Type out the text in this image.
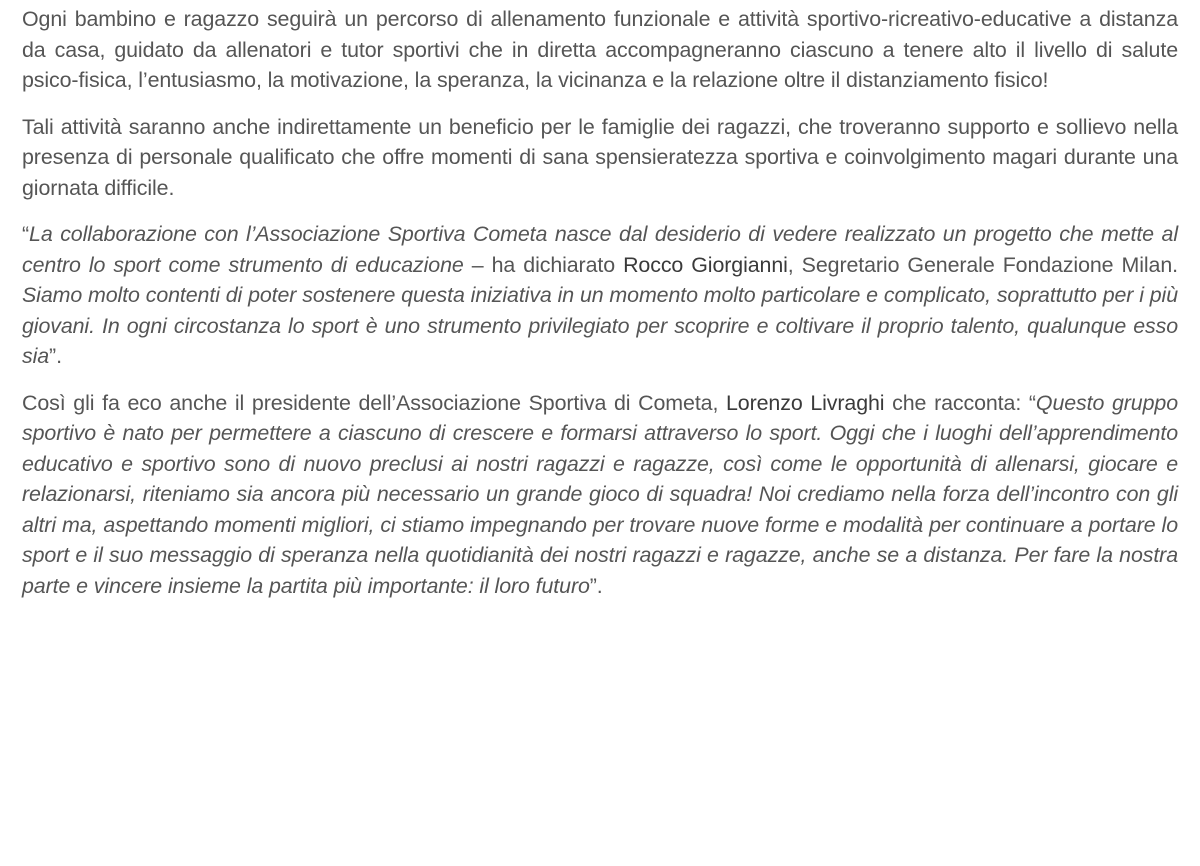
Ogni bambino e ragazzo seguirà un percorso di allenamento funzionale e attività sportivo-ricreativo-educative a distanza da casa, guidato da allenatori e tutor sportivi che in diretta accompagneranno ciascuno a tenere alto il livello di salute psico-fisica, l’entusiasmo, la motivazione, la speranza, la vicinanza e la relazione oltre il distanziamento fisico!

Tali attività saranno anche indirettamente un beneficio per le famiglie dei ragazzi, che troveranno supporto e sollievo nella presenza di personale qualificato che offre momenti di sana spensieratezza sportiva e coinvolgimento magari durante una giornata difficile.

“La collaborazione con l’Associazione Sportiva Cometa nasce dal desiderio di vedere realizzato un progetto che mette al centro lo sport come strumento di educazione – ha dichiarato Rocco Giorgianni, Segretario Generale Fondazione Milan. Siamo molto contenti di poter sostenere questa iniziativa in un momento molto particolare e complicato, soprattutto per i più giovani. In ogni circostanza lo sport è uno strumento privilegiato per scoprire e coltivare il proprio talento, qualunque esso sia”.

Così gli fa eco anche il presidente dell’Associazione Sportiva di Cometa, Lorenzo Livraghi che racconta: “Questo gruppo sportivo è nato per permettere a ciascuno di crescere e formarsi attraverso lo sport. Oggi che i luoghi dell’apprendimento educativo e sportivo sono di nuovo preclusi ai nostri ragazzi e ragazze, così come le opportunità di allenarsi, giocare e relazionarsi, riteniamo sia ancora più necessario un grande gioco di squadra! Noi crediamo nella forza dell’incontro con gli altri ma, aspettando momenti migliori, ci stiamo impegnando per trovare nuove forme e modalità per continuare a portare lo sport e il suo messaggio di speranza nella quotidianità dei nostri ragazzi e ragazze, anche se a distanza. Per fare la nostra parte e vincere insieme la partita più importante: il loro futuro”.
